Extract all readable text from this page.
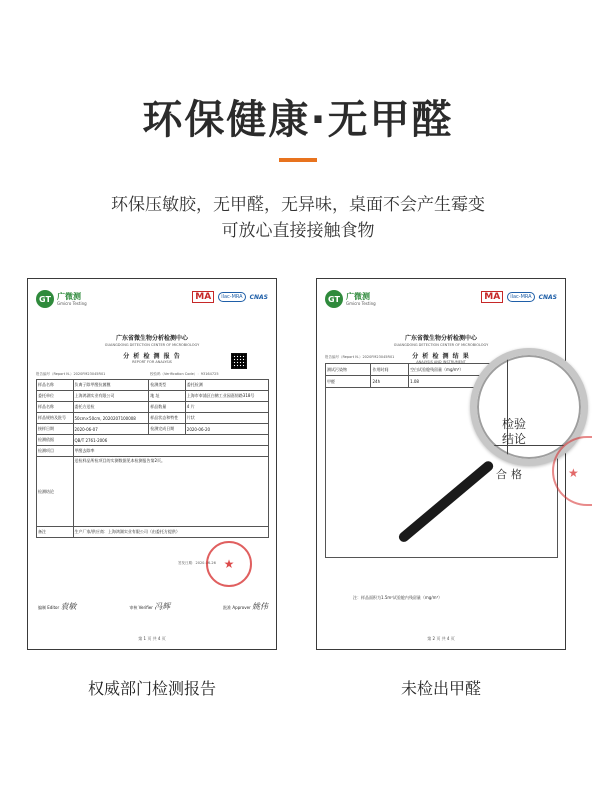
环保健康·无甲醛
环保压敏胶，无甲醛，无异味，桌面不会产生霉变
可放心直接接触食物
GT 广微测
Gmicro Testing
MA	ilac-MRA	CNAS
广东省微生物分析检测中心
GUANGDONG DETECTION CENTER OF MICROBIOLOGY
分 析 检 测 报 告
REPORT FOR ANALYSIS
报告编号（Report N.）2020FM23045R01	校验码（Verification Code）：93164725
样品名称	负离子除甲醛抗菌膜	检测类型	委托检测
委托单位	上海鸿湖实业有限公司	地 址	上海市奉浦区白鹤工业园嘉韧路318号
样品名称	委托方送检	样品数量	4 片
样品规格及批号	50cm×50cm, 2020207100008	样品状态和特性	片状
接样日期	2020-06-07	检测完成日期	2020-06-20
检测依据	QB/T 2761-2006		
检测项目	甲醛去除率		
检测结论	送检样品所检项目的实测数据见本检测报告第2页。		
备注	生产厂家/供应商：上海鸿湖实业有限公司（由委托方提供）		
签发日期：2020-06-26 ★
编制 Editor 袁敏	审核 Verifier 冯辉	批准 Approver 姚伟
第 1 页 共 4 页
GT 广微测
Gmicro Testing
MA	ilac-MRA	CNAS
广东省微生物分析检测中心
GUANGDONG DETECTION CENTER OF MICROBIOLOGY
分 析 检 测 结 果
ANALYSIS AND INSTRUMENT
报告编号（Report N.）2020FM23045R01
测试污染物	作用时间	空白试验舱残留量（mg/m³）	
甲醛	24h	1.08	

注：样品面积为1.5m²试验舱内残留量（mg/m³）
第 2 页 共 4 页
检验
结论
★
合格
权威部门检测报告	未检出甲醛
